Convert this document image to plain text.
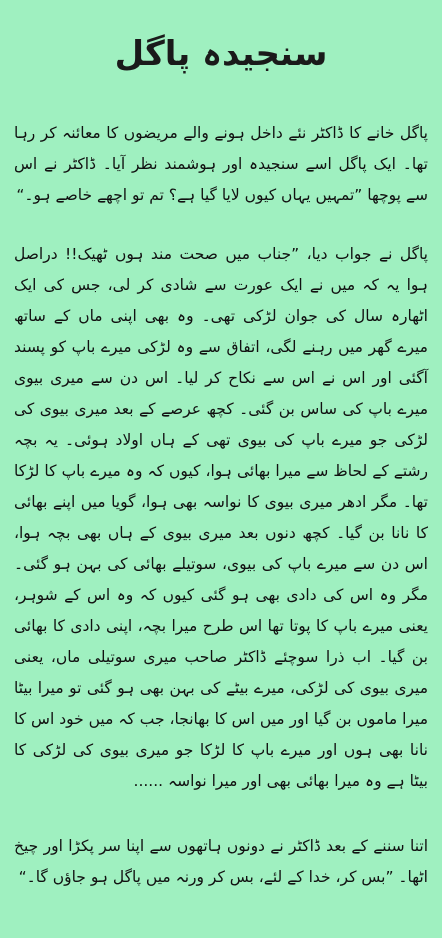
سنجیدہ پاگل

پاگل خانے کا ڈاکٹر نئے داخل ہونے والے مریضوں کا معائنہ کر رہا تھا۔ ایک پاگل اسے سنجیدہ اور ہوشمند نظر آیا۔ ڈاکٹر نے اس سے پوچھا ”تمہیں یہاں کیوں لایا گیا ہے؟ تم تو اچھے خاصے ہو۔“

پاگل نے جواب دیا، ”جناب میں صحت مند ہوں ٹھیک!! دراصل ہوا یہ کہ میں نے ایک عورت سے شادی کر لی، جس کی ایک اٹھارہ سال کی جوان لڑکی تھی۔ وہ بھی اپنی ماں کے ساتھ میرے گھر میں رہنے لگی، اتفاق سے وہ لڑکی میرے باپ کو پسند آگئی اور اس نے اس سے نکاح کر لیا۔ اس دن سے میری بیوی میرے باپ کی ساس بن گئی۔ کچھ عرصے کے بعد میری بیوی کی لڑکی جو میرے باپ کی بیوی تھی کے ہاں اولاد ہوئی۔ یہ بچہ رشتے کے لحاظ سے میرا بھائی ہوا، کیوں کہ وہ میرے باپ کا لڑکا تھا۔ مگر ادھر میری بیوی کا نواسہ بھی ہوا، گویا میں اپنے بھائی کا نانا بن گیا۔ کچھ دنوں بعد میری بیوی کے ہاں بھی بچہ ہوا، اس دن سے میرے باپ کی بیوی، سوتیلے بھائی کی بہن ہو گئی۔ مگر وہ اس کی دادی بھی ہو گئی کیوں کہ وہ اس کے شوہر، یعنی میرے باپ کا پوتا تھا اس طرح میرا بچہ، اپنی دادی کا بھائی بن گیا۔ اب ذرا سوچئے ڈاکٹر صاحب میری سوتیلی ماں، یعنی میری بیوی کی لڑکی، میرے بیٹے کی بہن بھی ہو گئی تو میرا بیٹا میرا ماموں بن گیا اور میں اس کا بھانجا، جب کہ میں خود اس کا نانا بھی ہوں اور میرے باپ کا لڑکا جو میری بیوی کی لڑکی کا بیٹا ہے وہ میرا بھائی بھی اور میرا نواسہ ......

اتنا سننے کے بعد ڈاکٹر نے دونوں ہاتھوں سے اپنا سر پکڑا اور چیخ اٹھا۔ ”بس کر، خدا کے لئے، بس کر ورنہ میں پاگل ہو جاؤں گا۔“
